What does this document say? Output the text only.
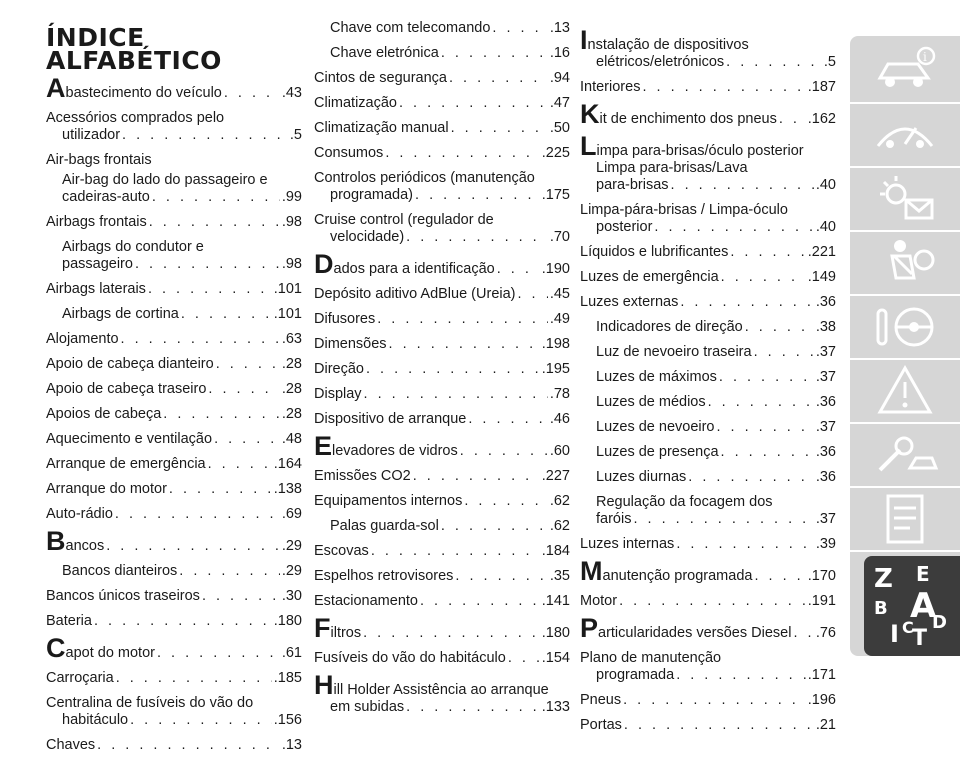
ÍNDICE
ALFABÉTICO
Abastecimento do veículo . . .	.43
Acessórios comprados pelo
utilizador . . .	.5
Air-bags frontais
Air-bag do lado do passageiro e
cadeiras-auto . . .	.99
Airbags frontais . . .	.98
Airbags do condutor e
passageiro . . .	.98
Airbags laterais . . .	.101
Airbags de cortina . . .	.101
Alojamento . . .	.63
Apoio de cabeça dianteiro . . .	.28
Apoio de cabeça traseiro . . .	.28
Apoios de cabeça . . .	.28
Aquecimento e ventilação . . .	.48
Arranque de emergência . . .	.164
Arranque do motor . . .	.138
Auto-rádio . . .	.69
Bancos . . .	.29
Bancos dianteiros . . .	.29
Bancos únicos traseiros . . .	.30
Bateria . . .	.180
Capot do motor . . .	.61
Carroçaria . . .	.185
Centralina de fusíveis do vão do
habitáculo . . .	.156
Chaves . . .	.13
Chave com telecomando . . .	.13
Chave eletrónica . . .	.16
Cintos de segurança . . .	.94
Climatização . . .	.47
Climatização manual . . .	.50
Consumos . . .	.225
Controlos periódicos (manutenção
programada) . . .	.175
Cruise control (regulador de
velocidade) . . .	.70
Dados para a identificação . . .	.190
Depósito aditivo AdBlue (Ureia) . . . .45
Difusores . . .	.49
Dimensões . . .	.198
Direção . . .	.195
Display . . .	.78
Dispositivo de arranque . . .	.46
Elevadores de vidros . . .	.60
Emissões CO2 . . .	.227
Equipamentos internos . . .	.62
Palas guarda-sol . . .	.62
Escovas . . .	.184
Espelhos retrovisores . . .	.35
Estacionamento . . .	.141
Filtros . . .	.180
Fusíveis do vão do habitáculo . . . .154
Hill Holder Assistência ao arranque
em subidas . . .	.133
Instalação de dispositivos
elétricos/eletrónicos . . .	.5
Interiores . . .	.187
Kit de enchimento dos pneus . . . .162
Limpa para-brisas/óculo posterior
Limpa para-brisas/Lava
para-brisas . . .	.40
Limpa-pára-brisas / Limpa-óculo
posterior . . .	.40
Líquidos e lubrificantes . . .	.221
Luzes de emergência . . .	.149
Luzes externas . . .	.36
Indicadores de direção . . .	.38
Luz de nevoeiro traseira . . .	.37
Luzes de máximos . . .	.37
Luzes de médios . . .	.36
Luzes de nevoeiro . . .	.37
Luzes de presença . . .	.36
Luzes diurnas . . .	.36
Regulação da focagem dos
faróis . . .	.37
Luzes internas . . .	.39
Manutenção programada . . .	.170
Motor . . .	.191
Particularidades versões Diesel . . . .76
Plano de manutenção
programada . . .	.171
Pneus . . .	.196
Portas . . .	.21
i
Z E
B A
I C D
T
